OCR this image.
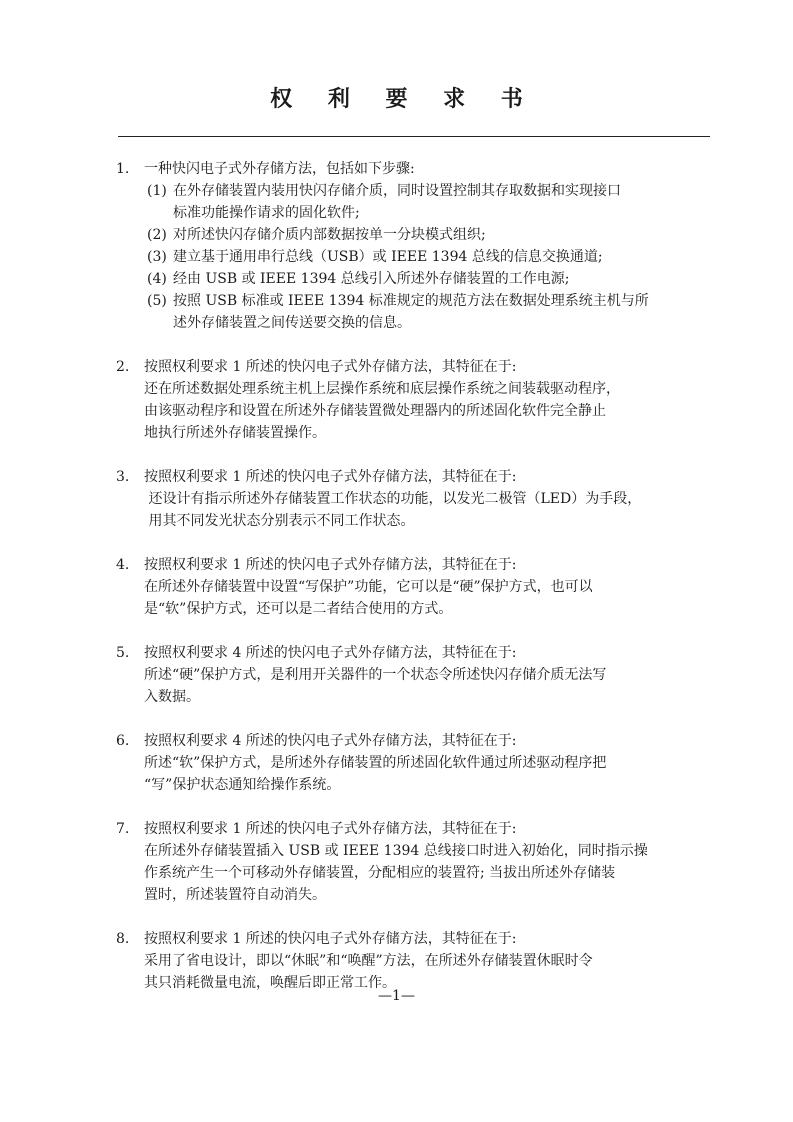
权 利 要 求 书
1.	一种快闪电子式外存储方法，包括如下步骤:
(1) 在外存储装置内装用快闪存储介质，同时设置控制其存取数据和实现接口
标准功能操作请求的固化软件;
(2) 对所述快闪存储介质内部数据按单一分块模式组织;
(3) 建立基于通用串行总线（USB）或 IEEE 1394 总线的信息交换通道;
(4) 经由 USB 或 IEEE 1394 总线引入所述外存储装置的工作电源;
(5) 按照 USB 标准或 IEEE 1394 标准规定的规范方法在数据处理系统主机与所
述外存储装置之间传送要交换的信息。
2.	按照权利要求 1 所述的快闪电子式外存储方法，其特征在于:
还在所述数据处理系统主机上层操作系统和底层操作系统之间装载驱动程序，
由该驱动程序和设置在所述外存储装置微处理器内的所述固化软件完全静止
地执行所述外存储装置操作。
3.	按照权利要求 1 所述的快闪电子式外存储方法，其特征在于:
还设计有指示所述外存储装置工作状态的功能，以发光二极管（LED）为手段，
用其不同发光状态分别表示不同工作状态。
4.	按照权利要求 1 所述的快闪电子式外存储方法，其特征在于:
在所述外存储装置中设置“写保护”功能，它可以是“硬”保护方式，也可以
是“软”保护方式，还可以是二者结合使用的方式。
5.	按照权利要求 4 所述的快闪电子式外存储方法，其特征在于:
所述“硬”保护方式，是利用开关器件的一个状态令所述快闪存储介质无法写
入数据。
6.	按照权利要求 4 所述的快闪电子式外存储方法，其特征在于:
所述“软”保护方式，是所述外存储装置的所述固化软件通过所述驱动程序把
“写”保护状态通知给操作系统。
7.	按照权利要求 1 所述的快闪电子式外存储方法，其特征在于:
在所述外存储装置插入 USB 或 IEEE 1394 总线接口时进入初始化，同时指示操
作系统产生一个可移动外存储装置，分配相应的装置符; 当拔出所述外存储装
置时，所述装置符自动消失。
8.	按照权利要求 1 所述的快闪电子式外存储方法，其特征在于:
采用了省电设计，即以“休眠”和“唤醒”方法，在所述外存储装置休眠时令
其只消耗微量电流，唤醒后即正常工作。
—1—
